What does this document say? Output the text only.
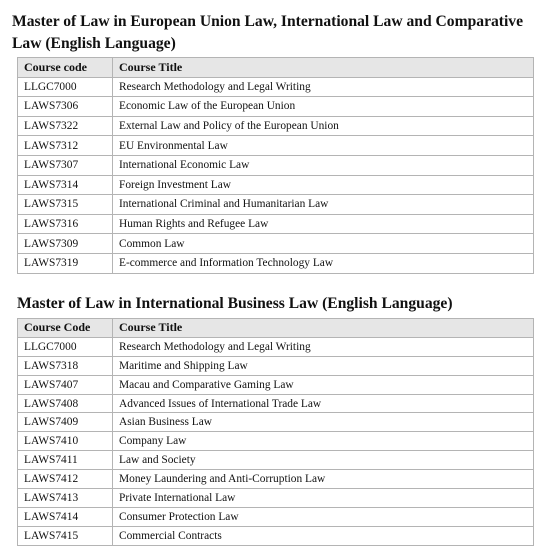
Master of Law in European Union Law, International Law and Comparative Law (English Language)
Course code	Course Title
LLGC7000	Research Methodology and Legal Writing
LAWS7306	Economic Law of the European Union
LAWS7322	External Law and Policy of the European Union
LAWS7312	EU Environmental Law
LAWS7307	International Economic Law
LAWS7314	Foreign Investment Law
LAWS7315	International Criminal and Humanitarian Law
LAWS7316	Human Rights and Refugee Law
LAWS7309	Common Law
LAWS7319	E-commerce and Information Technology Law
Master of Law in International Business Law (English Language)
Course Code	Course Title
LLGC7000	Research Methodology and Legal Writing
LAWS7318	Maritime and Shipping Law
LAWS7407	Macau and Comparative Gaming Law
LAWS7408	Advanced Issues of International Trade Law
LAWS7409	Asian Business Law
LAWS7410	Company Law
LAWS7411	Law and Society
LAWS7412	Money Laundering and Anti-Corruption Law
LAWS7413	Private International Law
LAWS7414	Consumer Protection Law
LAWS7415	Commercial Contracts
